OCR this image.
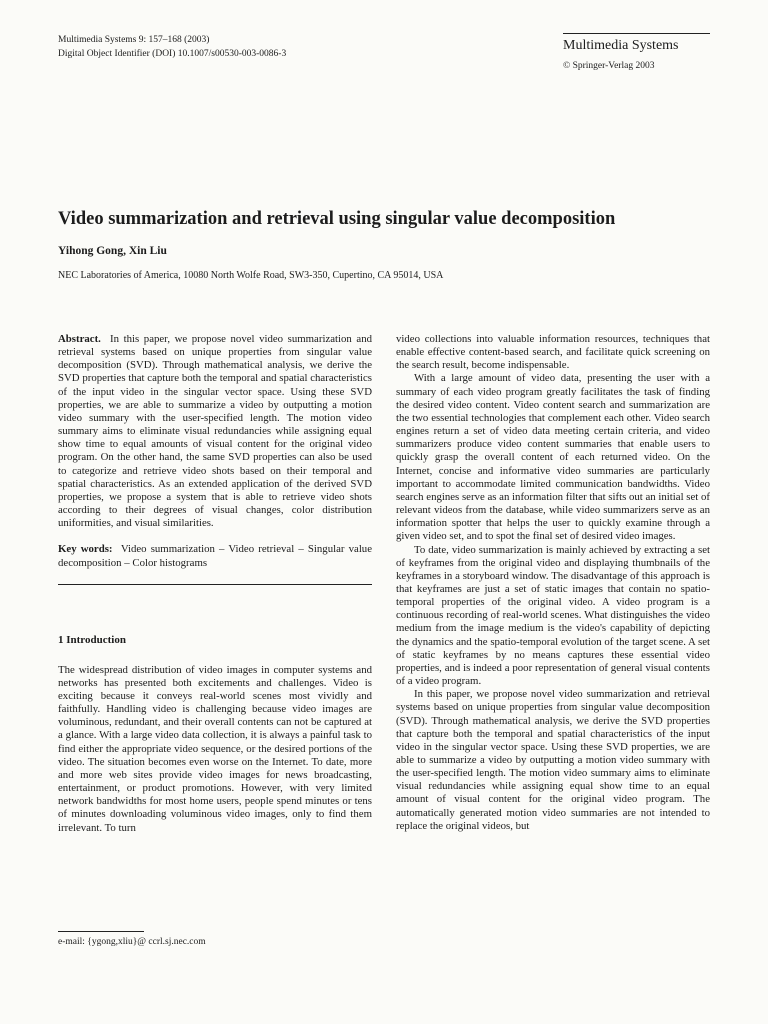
Multimedia Systems 9: 157–168 (2003)
Digital Object Identifier (DOI) 10.1007/s00530-003-0086-3
Multimedia Systems
© Springer-Verlag 2003
Video summarization and retrieval using singular value decomposition
Yihong Gong, Xin Liu
NEC Laboratories of America, 10080 North Wolfe Road, SW3-350, Cupertino, CA 95014, USA

Abstract. In this paper, we propose novel video summarization and retrieval systems based on unique properties from singular value decomposition (SVD). Through mathematical analysis, we derive the SVD properties that capture both the temporal and spatial characteristics of the input video in the singular vector space. Using these SVD properties, we are able to summarize a video by outputting a motion video summary with the user-specified length. The motion video summary aims to eliminate visual redundancies while assigning equal show time to equal amounts of visual content for the original video program. On the other hand, the same SVD properties can also be used to categorize and retrieve video shots based on their temporal and spatial characteristics. As an extended application of the derived SVD properties, we propose a system that is able to retrieve video shots according to their degrees of visual changes, color distribution uniformities, and visual similarities.

Key words: Video summarization – Video retrieval – Singular value decomposition – Color histograms

1 Introduction

The widespread distribution of video images in computer systems and networks has presented both excitements and challenges. Video is exciting because it conveys real-world scenes most vividly and faithfully. Handling video is challenging because video images are voluminous, redundant, and their overall contents can not be captured at a glance. With a large video data collection, it is always a painful task to find either the appropriate video sequence, or the desired portions of the video. The situation becomes even worse on the Internet. To date, more and more web sites provide video images for news broadcasting, entertainment, or product promotions. However, with very limited network bandwidths for most home users, people spend minutes or tens of minutes downloading voluminous video images, only to find them irrelevant. To turn

video collections into valuable information resources, techniques that enable effective content-based search, and facilitate quick screening on the search result, become indispensable.

With a large amount of video data, presenting the user with a summary of each video program greatly facilitates the task of finding the desired video content. Video content search and summarization are the two essential technologies that complement each other. Video search engines return a set of video data meeting certain criteria, and video summarizers produce video content summaries that enable users to quickly grasp the overall content of each returned video. On the Internet, concise and informative video summaries are particularly important to accommodate limited communication bandwidths. Video search engines serve as an information filter that sifts out an initial set of relevant videos from the database, while video summarizers serve as an information spotter that helps the user to quickly examine through a given video set, and to spot the final set of desired video images.

To date, video summarization is mainly achieved by extracting a set of keyframes from the original video and displaying thumbnails of the keyframes in a storyboard window. The disadvantage of this approach is that keyframes are just a set of static images that contain no spatio-temporal properties of the original video. A video program is a continuous recording of real-world scenes. What distinguishes the video medium from the image medium is the video's capability of depicting the dynamics and the spatio-temporal evolution of the target scene. A set of static keyframes by no means captures these essential video properties, and is indeed a poor representation of general visual contents of a video program.

In this paper, we propose novel video summarization and retrieval systems based on unique properties from singular value decomposition (SVD). Through mathematical analysis, we derive the SVD properties that capture both the temporal and spatial characteristics of the input video in the singular vector space. Using these SVD properties, we are able to summarize a video by outputting a motion video summary with the user-specified length. The motion video summary aims to eliminate visual redundancies while assigning equal show time to an equal amount of visual content for the original video program. The automatically generated motion video summaries are not intended to replace the original videos, but

e-mail: {ygong,xliu}@ ccrl.sj.nec.com
